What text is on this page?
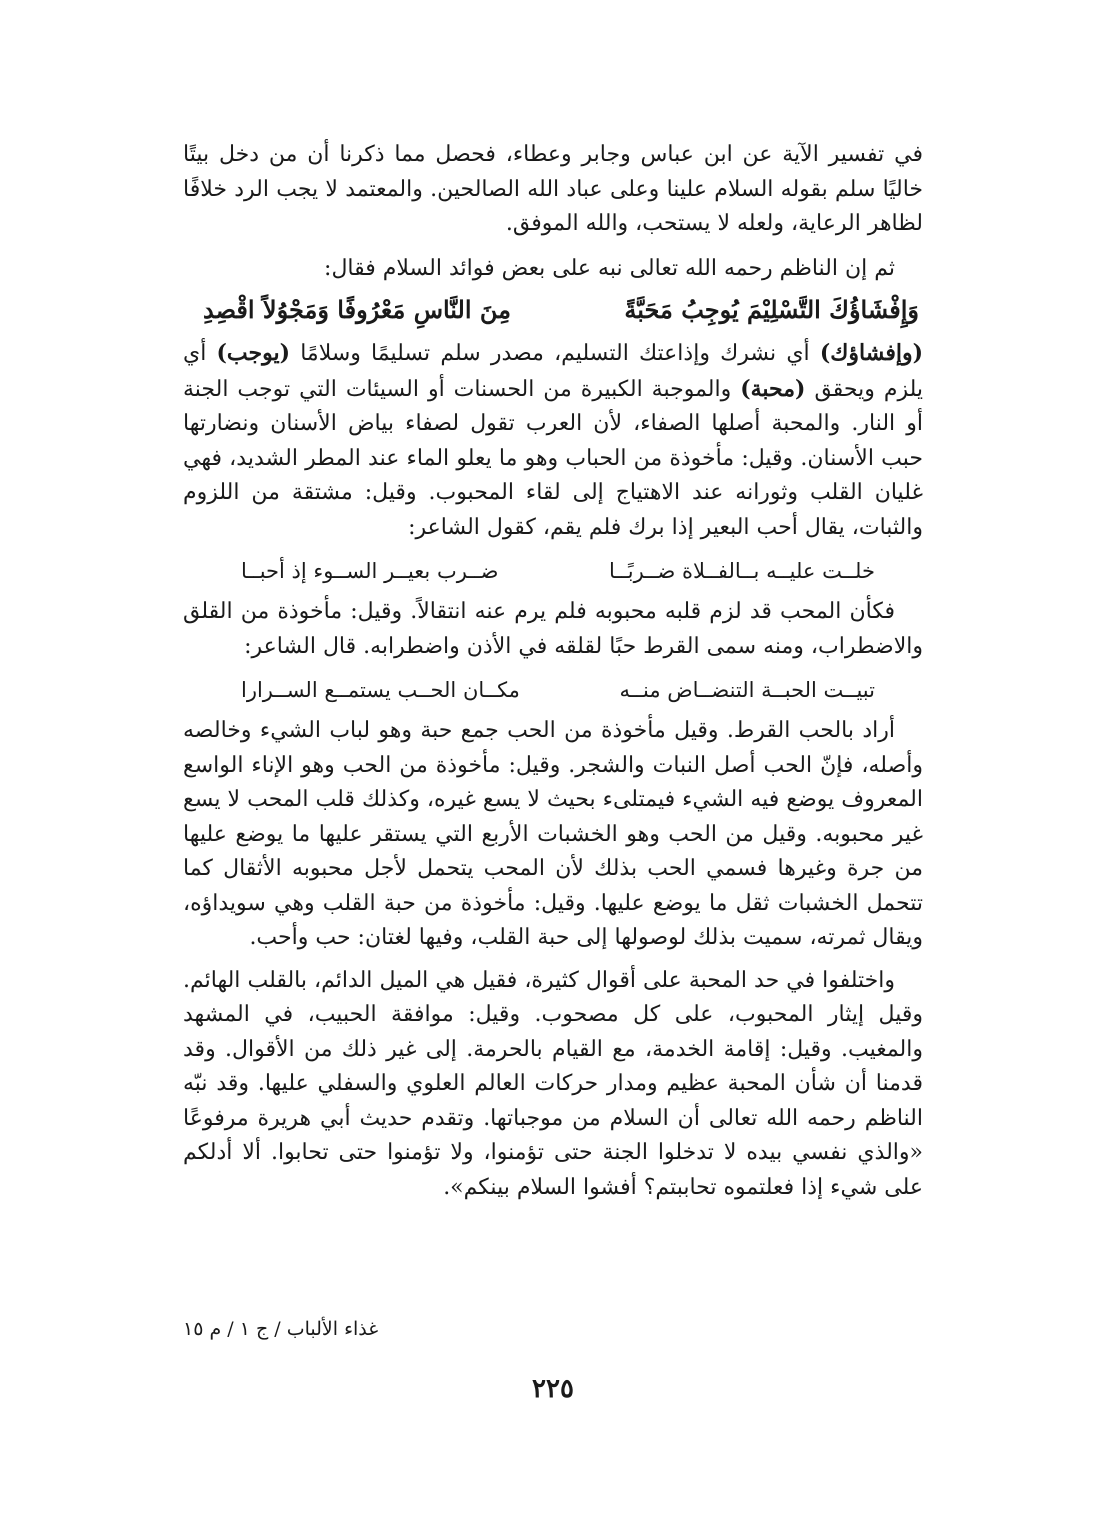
في تفسير الآية عن ابن عباس وجابر وعطاء، فحصل مما ذكرنا أن من دخل بيتًا خاليًا سلم بقوله السلام علينا وعلى عباد الله الصالحين. والمعتمد لا يجب الرد خلافًا لظاهر الرعاية، ولعله لا يستحب، والله الموفق.

ثم إن الناظم رحمه الله تعالى نبه على بعض فوائد السلام فقال:

وَإِفْشَاؤُكَ التَّسْلِيْمَ يُوجِبُ مَحَبَّةً
مِنَ النَّاسِ مَعْرُوفًا وَمَجْوُلاً اقْصِدِ

(وإفشاؤك) أي نشرك وإذاعتك التسليم، مصدر سلم تسليمًا وسلامًا (يوجب) أي يلزم ويحقق (محبة) والموجبة الكبيرة من الحسنات أو السيئات التي توجب الجنة أو النار. والمحبة أصلها الصفاء، لأن العرب تقول لصفاء بياض الأسنان ونضارتها حبب الأسنان. وقيل: مأخوذة من الحباب وهو ما يعلو الماء عند المطر الشديد، فهي غليان القلب وثورانه عند الاهتياج إلى لقاء المحبوب. وقيل: مشتقة من اللزوم والثبات، يقال أحب البعير إذا برك فلم يقم، كقول الشاعر:

خلــت عليــه بــالفــلاة ضــربًــا
ضــرب بعيــر الســوء إذ أحبــا

فكأن المحب قد لزم قلبه محبوبه فلم يرم عنه انتقالاً. وقيل: مأخوذة من القلق والاضطراب، ومنه سمى القرط حبًا لقلقه في الأذن واضطرابه. قال الشاعر:

تبيــت الحبــة التنضــاض منــه
مكــان الحــب يستمــع الســرارا

أراد بالحب القرط. وقيل مأخوذة من الحب جمع حبة وهو لباب الشيء وخالصه وأصله، فإنّ الحب أصل النبات والشجر. وقيل: مأخوذة من الحب وهو الإناء الواسع المعروف يوضع فيه الشيء فيمتلىء بحيث لا يسع غيره، وكذلك قلب المحب لا يسع غير محبوبه. وقيل من الحب وهو الخشبات الأربع التي يستقر عليها ما يوضع عليها من جرة وغيرها فسمي الحب بذلك لأن المحب يتحمل لأجل محبوبه الأثقال كما تتحمل الخشبات ثقل ما يوضع عليها. وقيل: مأخوذة من حبة القلب وهي سويداؤه، ويقال ثمرته، سميت بذلك لوصولها إلى حبة القلب، وفيها لغتان: حب وأحب.

واختلفوا في حد المحبة على أقوال كثيرة، فقيل هي الميل الدائم، بالقلب الهائم. وقيل إيثار المحبوب، على كل مصحوب. وقيل: موافقة الحبيب، في المشهد والمغيب. وقيل: إقامة الخدمة، مع القيام بالحرمة. إلى غير ذلك من الأقوال. وقد قدمنا أن شأن المحبة عظيم ومدار حركات العالم العلوي والسفلي عليها. وقد نبّه الناظم رحمه الله تعالى أن السلام من موجباتها. وتقدم حديث أبي هريرة مرفوعًا «والذي نفسي بيده لا تدخلوا الجنة حتى تؤمنوا، ولا تؤمنوا حتى تحابوا. ألا أدلكم على شيء إذا فعلتموه تحاببتم؟ أفشوا السلام بينكم».

غذاء الألباب / ج ١ / م ١٥
٢٢٥
